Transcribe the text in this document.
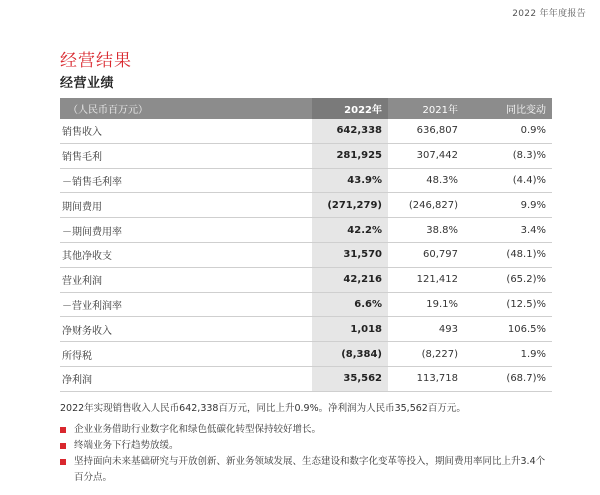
2022 年年度报告
经营结果
经营业绩
（人民币百万元）	2022年	2021年	同比变动
销售收入	642,338	636,807	0.9%
销售毛利	281,925	307,442	(8.3)%
－销售毛利率	43.9%	48.3%	(4.4)%
期间费用	(271,279)	(246,827)	9.9%
－期间费用率	42.2%	38.8%	3.4%
其他净收支	31,570	60,797	(48.1)%
营业利润	42,216	121,412	(65.2)%
－营业利润率	6.6%	19.1%	(12.5)%
净财务收入	1,018	493	106.5%
所得税	(8,384)	(8,227)	1.9%
净利润	35,562	113,718	(68.7)%
2022年实现销售收入人民币642,338百万元，同比上升0.9%。净利润为人民币35,562百万元。
企业业务借助行业数字化和绿色低碳化转型保持较好增长。
终端业务下行趋势放缓。
坚持面向未来基础研究与开放创新、新业务领域发展、生态建设和数字化变革等投入，期间费用率同比上升3.4个百分点。
